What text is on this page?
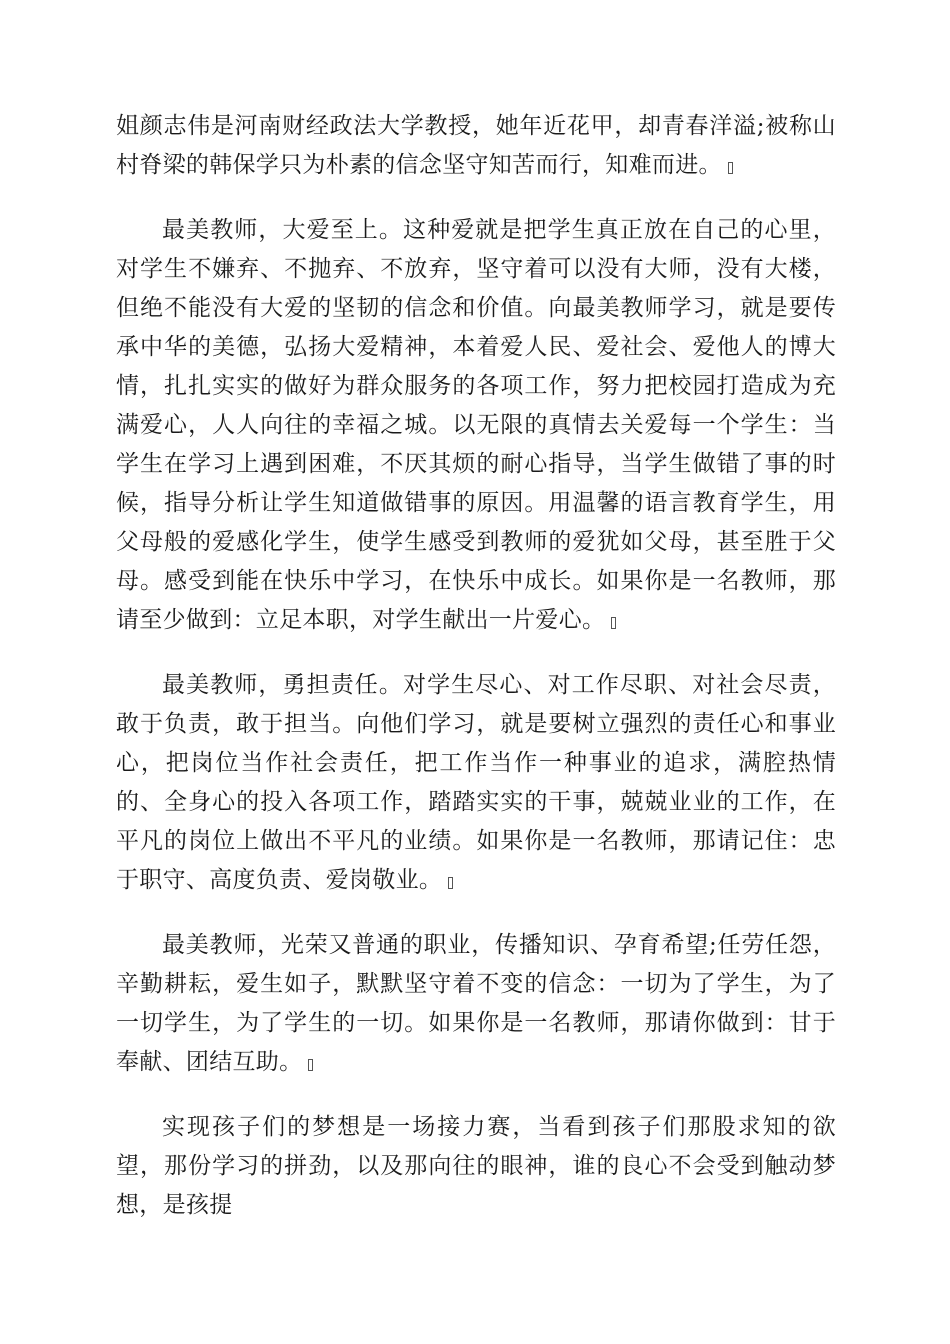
姐颜志伟是河南财经政法大学教授，她年近花甲，却青春洋溢;被称山村脊梁的韩保学只为朴素的信念坚守知苦而行，知难而进。

最美教师，大爱至上。这种爱就是把学生真正放在自己的心里，对学生不嫌弃、不抛弃、不放弃，坚守着可以没有大师，没有大楼，但绝不能没有大爱的坚韧的信念和价值。向最美教师学习，就是要传承中华的美德，弘扬大爱精神，本着爱人民、爱社会、爱他人的博大情，扎扎实实的做好为群众服务的各项工作，努力把校园打造成为充满爱心，人人向往的幸福之城。以无限的真情去关爱每一个学生：当学生在学习上遇到困难，不厌其烦的耐心指导，当学生做错了事的时候，指导分析让学生知道做错事的原因。用温馨的语言教育学生，用父母般的爱感化学生，使学生感受到教师的爱犹如父母，甚至胜于父母。感受到能在快乐中学习，在快乐中成长。如果你是一名教师，那请至少做到：立足本职，对学生献出一片爱心。

最美教师，勇担责任。对学生尽心、对工作尽职、对社会尽责，敢于负责，敢于担当。向他们学习，就是要树立强烈的责任心和事业心，把岗位当作社会责任，把工作当作一种事业的追求，满腔热情的、全身心的投入各项工作，踏踏实实的干事，兢兢业业的工作，在平凡的岗位上做出不平凡的业绩。如果你是一名教师，那请记住：忠于职守、高度负责、爱岗敬业。

最美教师，光荣又普通的职业，传播知识、孕育希望;任劳任怨，辛勤耕耘，爱生如子，默默坚守着不变的信念：一切为了学生，为了一切学生，为了学生的一切。如果你是一名教师，那请你做到：甘于奉献、团结互助。

实现孩子们的梦想是一场接力赛，当看到孩子们那股求知的欲望，那份学习的拼劲，以及那向往的眼神，谁的良心不会受到触动梦想，是孩提
